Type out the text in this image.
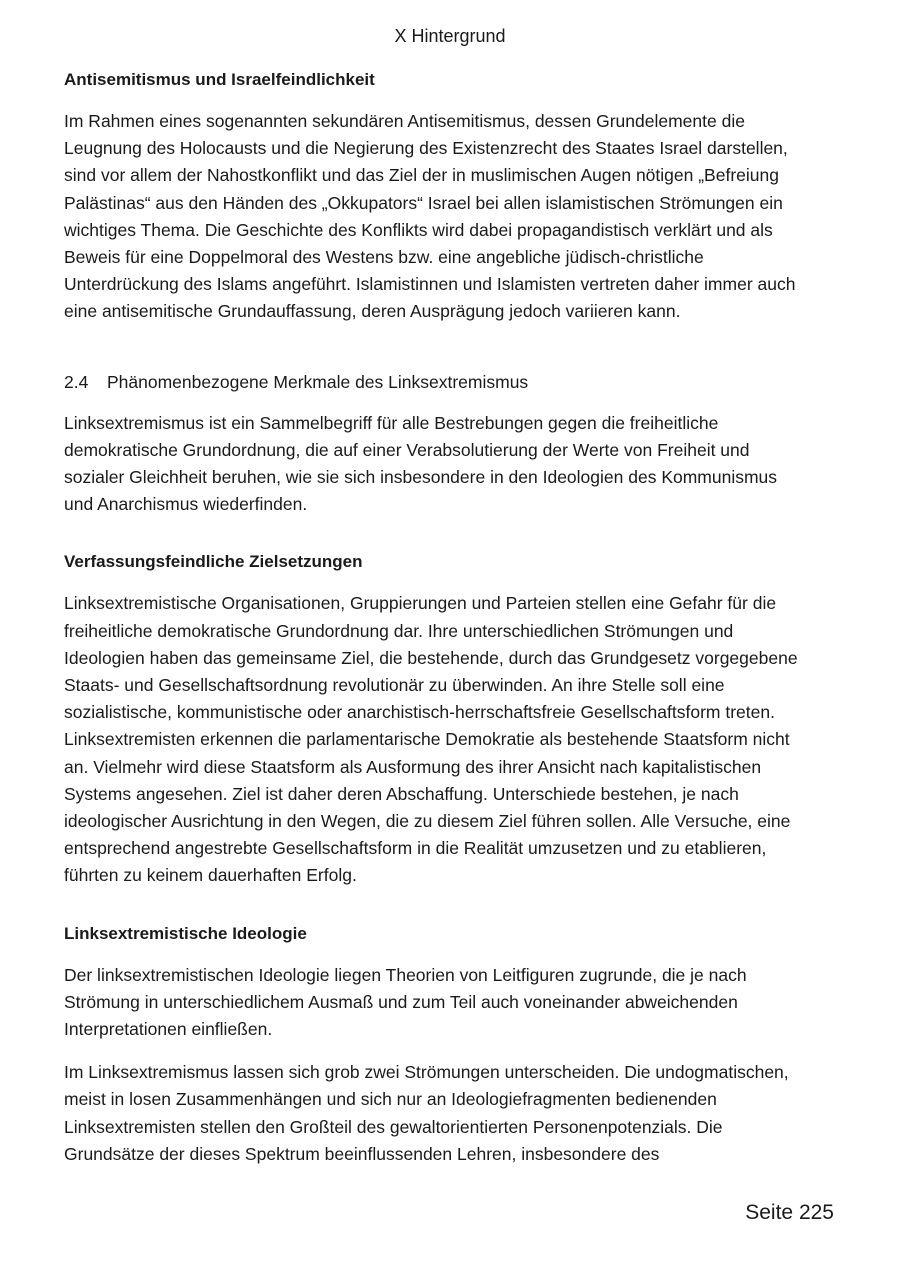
X Hintergrund
Antisemitismus und Israelfeindlichkeit

Im Rahmen eines sogenannten sekundären Antisemitismus, dessen Grundelemente die Leugnung des Holocausts und die Negierung des Existenzrecht des Staates Israel darstellen, sind vor allem der Nahostkonflikt und das Ziel der in muslimischen Augen nötigen „Befreiung Palästinas“ aus den Händen des „Okkupators“ Israel bei allen islamistischen Strömungen ein wichtiges Thema. Die Geschichte des Konflikts wird dabei propagandistisch verklärt und als Beweis für eine Doppelmoral des Westens bzw. eine angebliche jüdisch-christliche Unterdrückung des Islams angeführt. Islamistinnen und Islamisten vertreten daher immer auch eine antisemitische Grundauffassung, deren Ausprägung jedoch variieren kann.

2.4 Phänomenbezogene Merkmale des Linksextremismus

Linksextremismus ist ein Sammelbegriff für alle Bestrebungen gegen die freiheitliche demokratische Grundordnung, die auf einer Verabsolutierung der Werte von Freiheit und sozialer Gleichheit beruhen, wie sie sich insbesondere in den Ideologien des Kommunismus und Anarchismus wiederfinden.

Verfassungsfeindliche Zielsetzungen

Linksextremistische Organisationen, Gruppierungen und Parteien stellen eine Gefahr für die freiheitliche demokratische Grundordnung dar. Ihre unterschiedlichen Strömungen und Ideologien haben das gemeinsame Ziel, die bestehende, durch das Grundgesetz vorgegebene Staats- und Gesellschaftsordnung revolutionär zu überwinden. An ihre Stelle soll eine sozialistische, kommunistische oder anarchistisch-herrschaftsfreie Gesellschaftsform treten. Linksextremisten erkennen die parlamentarische Demokratie als bestehende Staatsform nicht an. Vielmehr wird diese Staatsform als Ausformung des ihrer Ansicht nach kapitalistischen Systems angesehen. Ziel ist daher deren Abschaffung. Unterschiede bestehen, je nach ideologischer Ausrichtung in den Wegen, die zu diesem Ziel führen sollen. Alle Versuche, eine entsprechend angestrebte Gesellschaftsform in die Realität umzusetzen und zu etablieren, führten zu keinem dauerhaften Erfolg.

Linksextremistische Ideologie

Der linksextremistischen Ideologie liegen Theorien von Leitfiguren zugrunde, die je nach Strömung in unterschiedlichem Ausmaß und zum Teil auch voneinander abweichenden Interpretationen einfließen.

Im Linksextremismus lassen sich grob zwei Strömungen unterscheiden. Die undogmatischen, meist in losen Zusammenhängen und sich nur an Ideologiefragmenten bedienenden Linksextremisten stellen den Großteil des gewaltorientierten Personenpotenzials. Die Grundsätze der dieses Spektrum beeinflussenden Lehren, insbesondere des

Seite 225
